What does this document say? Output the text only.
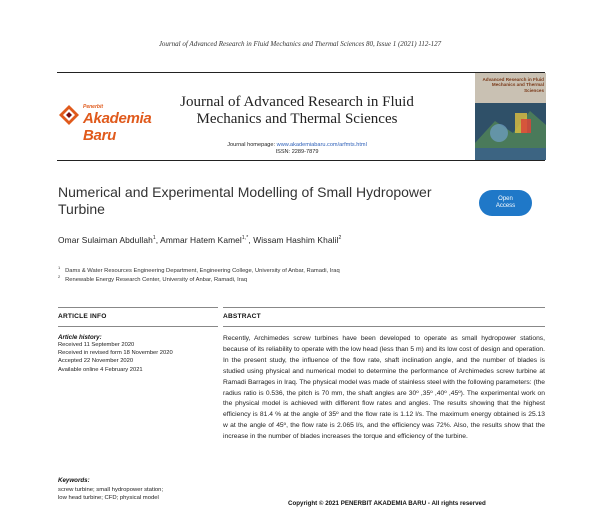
Journal of Advanced Research in Fluid Mechanics and Thermal Sciences 80, Issue 1 (2021) 112-127
Penerbit
Akademia Baru
Journal of Advanced Research in Fluid
Mechanics and Thermal Sciences
Journal homepage: www.akademiabaru.com/arfmts.html
ISSN: 2289-7879
Advanced Research in Fluid
Mechanics and Thermal
Sciences
Numerical and Experimental Modelling of Small Hydropower
Turbine
Open
Access
Omar Sulaiman Abdullah$^1$, Ammar Hatem Kamel$^{1,*}$, Wissam Hashim Khalil$^2$
$^1$   Dams & Water Resources Engineering Department, Engineering College, University of Anbar, Ramadi, Iraq
$^2$   Renewable Energy Research Center, University of Anbar, Ramadi, Iraq
ARTICLE INFO	ABSTRACT
Article history:
Received 11 September 2020
Received in revised form 18 November 2020
Accepted 22 November 2020
Available online 4 February 2021
Keywords:
screw turbine; small hydropower station;
low head turbine; CFD; physical model
Recently, Archimedes screw turbines have been developed to operate as small hydropower stations, because of its reliability to operate with the low head (less than 5 m) and its low cost of design and operation. In the present study, the influence of the flow rate, shaft inclination angle, and the number of blades is studied using physical and numerical model to determine the performance of Archimedes screw turbine at Ramadi Barrages in Iraq. The physical model was made of stainless steel with the following parameters: (the radius ratio is 0.536, the pitch is 70 mm, the shaft angles are 30º ,35º ,40º ,45º). The experimental work on the physical model is achieved with different flow rates and angles. The results showing that the highest efficiency is 81.4 % at the angle of 35º and the flow rate is 1.12 l/s. The maximum energy obtained is 25.13 w at the angle of 45º, the flow rate is 2.065 l/s, and the efficiency was 72%. Also, the results show that the increase in the number of blades increases the torque and efficiency of the turbine.
Copyright © 2021 PENERBIT AKADEMIA BARU - All rights reserved
